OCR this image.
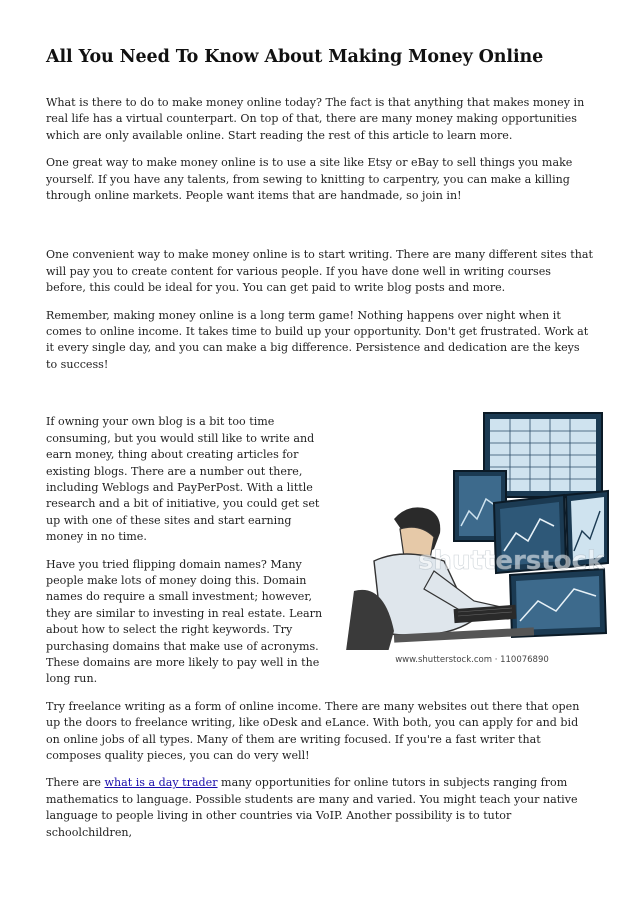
All You Need To Know About Making Money Online

What is there to do to make money online today? The fact is that anything that makes money in real life has a virtual counterpart. On top of that, there are many money making opportunities which are only available online. Start reading the rest of this article to learn more.

One great way to make money online is to use a site like Etsy or eBay to sell things you make yourself. If you have any talents, from sewing to knitting to carpentry, you can make a killing through online markets. People want items that are handmade, so join in!

One convenient way to make money online is to start writing. There are many different sites that will pay you to create content for various people. If you have done well in writing courses before, this could be ideal for you. You can get paid to write blog posts and more.

Remember, making money online is a long term game! Nothing happens over night when it comes to online income. It takes time to build up your opportunity. Don't get frustrated. Work at it every single day, and you can make a big difference. Persistence and dedication are the keys to success!

shutterstock
www.shutterstock.com · 110076890

If owning your own blog is a bit too time consuming, but you would still like to write and earn money, thing about creating articles for existing blogs. There are a number out there, including Weblogs and PayPerPost. With a little research and a bit of initiative, you could get set up with one of these sites and start earning money in no time.

Have you tried flipping domain names? Many people make lots of money doing this. Domain names do require a small investment; however, they are similar to investing in real estate. Learn about how to select the right keywords. Try purchasing domains that make use of acronyms. These domains are more likely to pay well in the long run.

Try freelance writing as a form of online income. There are many websites out there that open up the doors to freelance writing, like oDesk and eLance. With both, you can apply for and bid on online jobs of all types. Many of them are writing focused. If you're a fast writer that composes quality pieces, you can do very well!

There are what is a day trader many opportunities for online tutors in subjects ranging from mathematics to language. Possible students are many and varied. You might teach your native language to people living in other countries via VoIP. Another possibility is to tutor schoolchildren,
